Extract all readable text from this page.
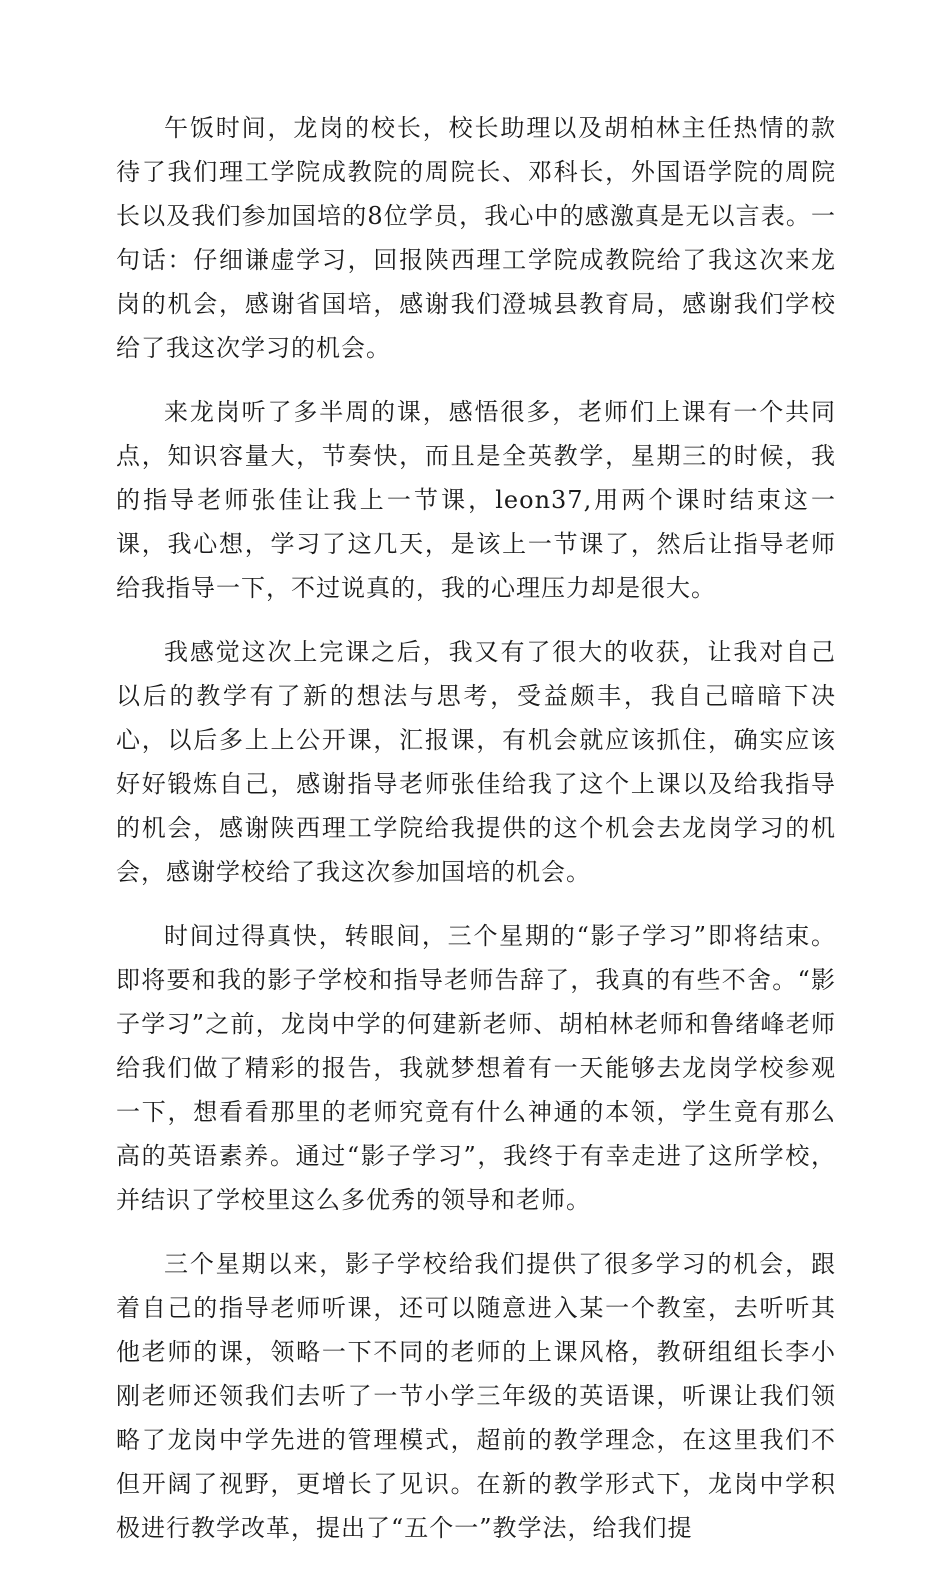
午饭时间，龙岗的校长，校长助理以及胡柏林主任热情的款待了我们理工学院成教院的周院长、邓科长，外国语学院的周院长以及我们参加国培的8位学员，我心中的感激真是无以言表。一句话：仔细谦虚学习，回报陕西理工学院成教院给了我这次来龙岗的机会，感谢省国培，感谢我们澄城县教育局，感谢我们学校给了我这次学习的机会。

来龙岗听了多半周的课，感悟很多，老师们上课有一个共同点，知识容量大，节奏快，而且是全英教学，星期三的时候，我的指导老师张佳让我上一节课，leon37,用两个课时结束这一课，我心想，学习了这几天，是该上一节课了，然后让指导老师给我指导一下，不过说真的，我的心理压力却是很大。

我感觉这次上完课之后，我又有了很大的收获，让我对自己以后的教学有了新的想法与思考，受益颇丰，我自己暗暗下决心，以后多上上公开课，汇报课，有机会就应该抓住，确实应该好好锻炼自己，感谢指导老师张佳给我了这个上课以及给我指导的机会，感谢陕西理工学院给我提供的这个机会去龙岗学习的机会，感谢学校给了我这次参加国培的机会。

时间过得真快，转眼间，三个星期的“影子学习”即将结束。即将要和我的影子学校和指导老师告辞了，我真的有些不舍。“影子学习”之前，龙岗中学的何建新老师、胡柏林老师和鲁绪峰老师给我们做了精彩的报告，我就梦想着有一天能够去龙岗学校参观一下，想看看那里的老师究竟有什么神通的本领，学生竟有那么高的英语素养。通过“影子学习”，我终于有幸走进了这所学校，并结识了学校里这么多优秀的领导和老师。

三个星期以来，影子学校给我们提供了很多学习的机会，跟着自己的指导老师听课，还可以随意进入某一个教室，去听听其他老师的课，领略一下不同的老师的上课风格，教研组组长李小刚老师还领我们去听了一节小学三年级的英语课，听课让我们领略了龙岗中学先进的管理模式，超前的教学理念，在这里我们不但开阔了视野，更增长了见识。在新的教学形式下，龙岗中学积极进行教学改革，提出了“五个一”教学法，给我们提
